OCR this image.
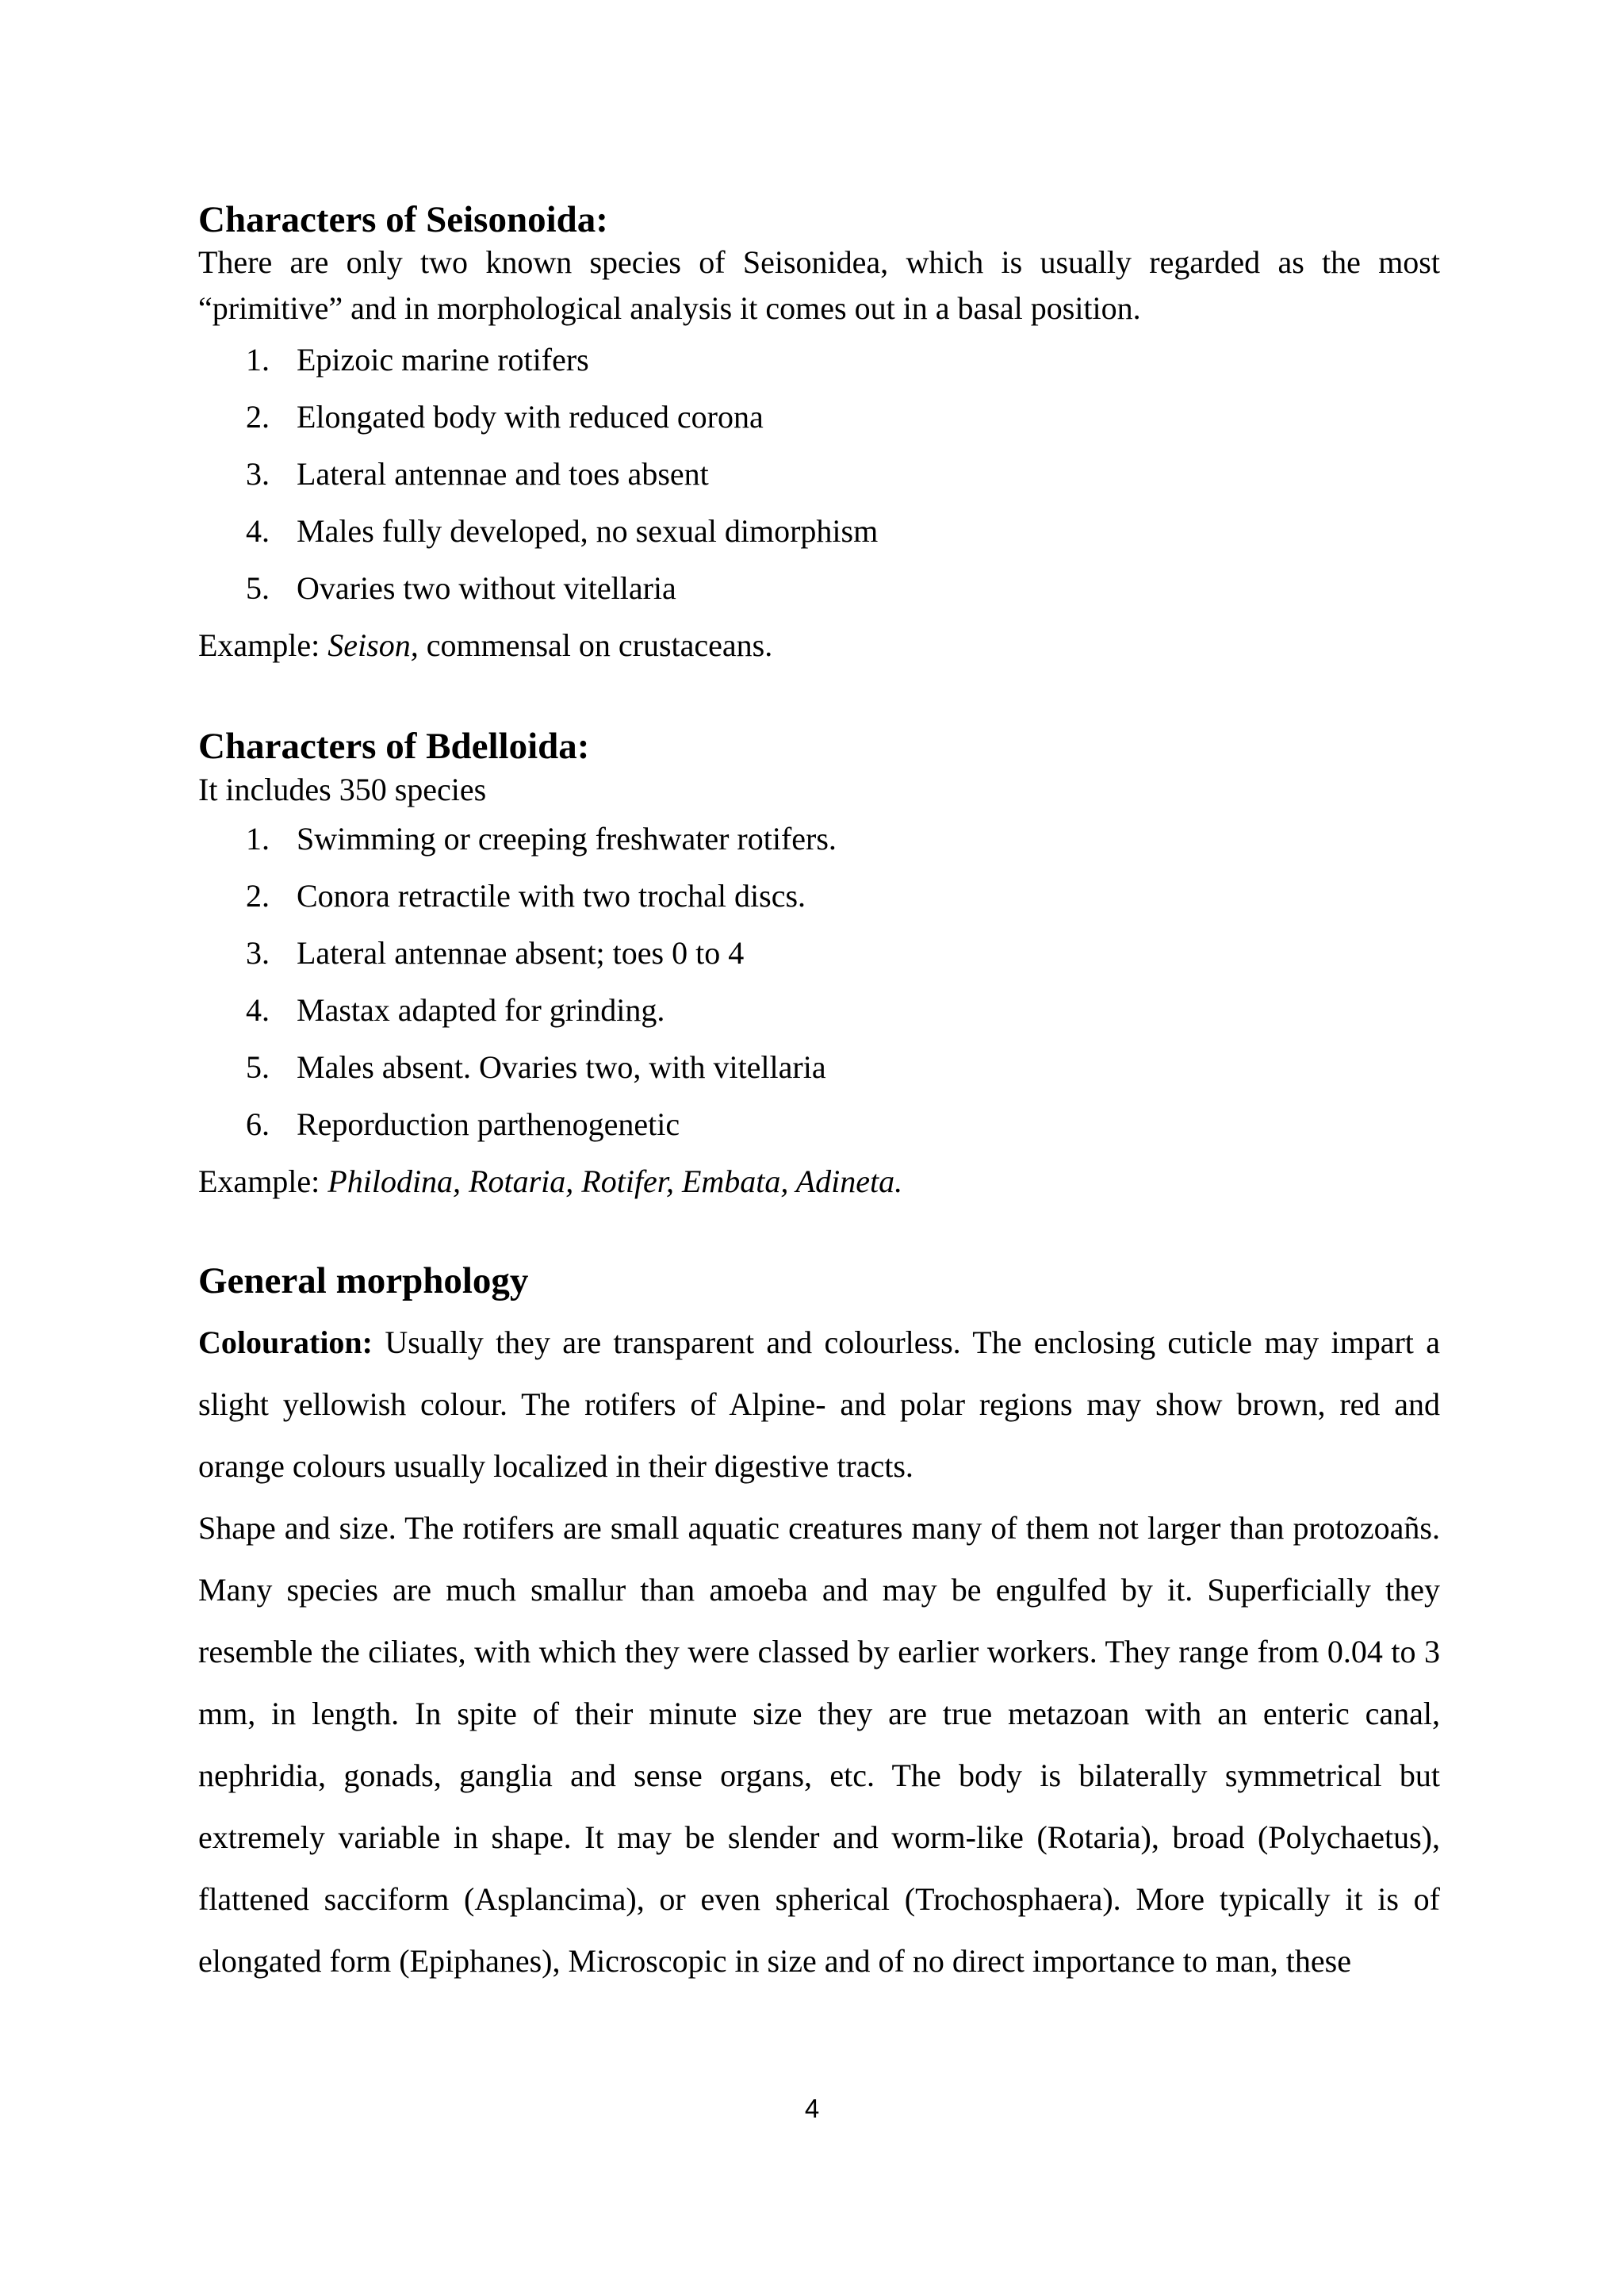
Characters of Seisonoida:

There are only two known species of Seisonidea, which is usually regarded as the most “primitive” and in morphological analysis it comes out in a basal position.

1. Epizoic marine rotifers
2. Elongated body with reduced corona
3. Lateral antennae and toes absent
4. Males fully developed, no sexual dimorphism
5. Ovaries two without vitellaria

Example: Seison, commensal on crustaceans.

Characters of Bdelloida:

It includes 350 species

1. Swimming or creeping freshwater rotifers.
2. Conora retractile with two trochal discs.
3. Lateral antennae absent; toes 0 to 4
4. Mastax adapted for grinding.
5. Males absent. Ovaries two, with vitellaria
6. Reporduction parthenogenetic

Example: Philodina, Rotaria, Rotifer, Embata, Adineta.

General morphology

Colouration: Usually they are transparent and colourless. The enclosing cuticle may impart a slight yellowish colour. The rotifers of Alpine- and polar regions may show brown, red and orange colours usually localized in their digestive tracts.

Shape and size. The rotifers are small aquatic creatures many of them not larger than protozoañs. Many species are much smallur than amoeba and may be engulfed by it. Superficially they resemble the ciliates, with which they were classed by earlier workers. They range from 0.04 to 3 mm, in length. In spite of their minute size they are true metazoan with an enteric canal, nephridia, gonads, ganglia and sense organs, etc. The body is bilaterally symmetrical but extremely variable in shape. It may be slender and worm-like (Rotaria), broad (Polychaetus), flattened sacciform (Asplancima), or even spherical (Trochosphaera). More typically it is of elongated form (Epiphanes), Microscopic in size and of no direct importance to man, these

4
